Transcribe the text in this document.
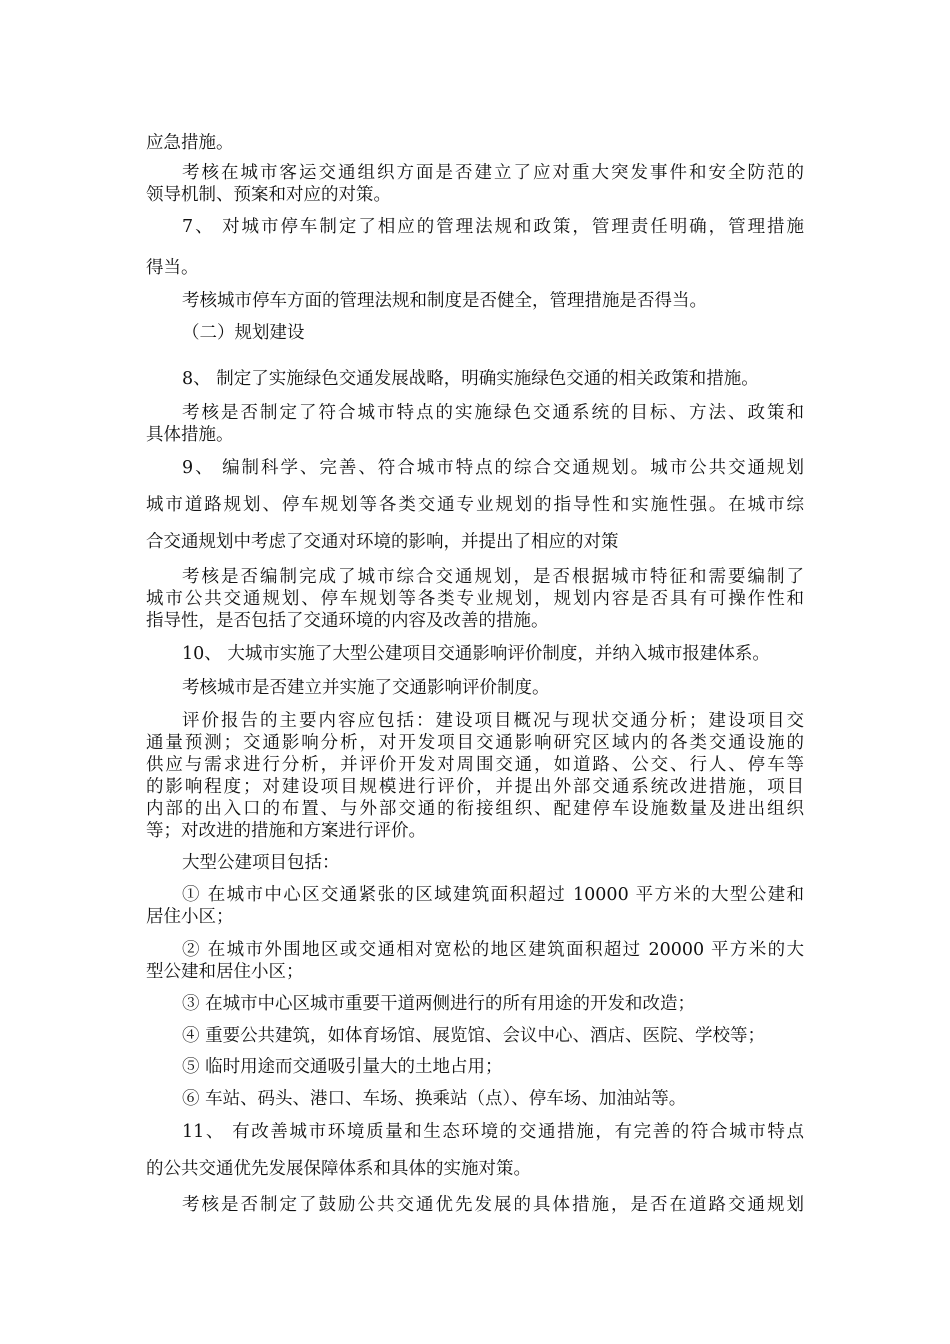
应急措施。
考核在城市客运交通组织方面是否建立了应对重大突发事件和安全防范的
领导机制、预案和对应的对策。
7、 对城市停车制定了相应的管理法规和政策，管理责任明确，管理措施
得当。
考核城市停车方面的管理法规和制度是否健全，管理措施是否得当。
（二）规划建设
8、 制定了实施绿色交通发展战略，明确实施绿色交通的相关政策和措施。
考核是否制定了符合城市特点的实施绿色交通系统的目标、方法、政策和
具体措施。
9、 编制科学、完善、符合城市特点的综合交通规划。城市公共交通规划
城市道路规划、停车规划等各类交通专业规划的指导性和实施性强。在城市综
合交通规划中考虑了交通对环境的影响，并提出了相应的对策
考核是否编制完成了城市综合交通规划，是否根据城市特征和需要编制了
城市公共交通规划、停车规划等各类专业规划，规划内容是否具有可操作性和
指导性，是否包括了交通环境的内容及改善的措施。
10、 大城市实施了大型公建项目交通影响评价制度，并纳入城市报建体系。
考核城市是否建立并实施了交通影响评价制度。
评价报告的主要内容应包括：建设项目概况与现状交通分析；建设项目交
通量预测；交通影响分析，对开发项目交通影响研究区域内的各类交通设施的
供应与需求进行分析，并评价开发对周围交通，如道路、公交、行人、停车等
的影响程度；对建设项目规模进行评价，并提出外部交通系统改进措施，项目
内部的出入口的布置、与外部交通的衔接组织、配建停车设施数量及进出组织
等；对改进的措施和方案进行评价。
大型公建项目包括：
① 在城市中心区交通紧张的区域建筑面积超过 10000 平方米的大型公建和
居住小区；
② 在城市外围地区或交通相对宽松的地区建筑面积超过 20000 平方米的大
型公建和居住小区；
③ 在城市中心区城市重要干道两侧进行的所有用途的开发和改造；
④ 重要公共建筑，如体育场馆、展览馆、会议中心、酒店、医院、学校等；
⑤ 临时用途而交通吸引量大的土地占用；
⑥ 车站、码头、港口、车场、换乘站（点）、停车场、加油站等。
11、 有改善城市环境质量和生态环境的交通措施，有完善的符合城市特点
的公共交通优先发展保障体系和具体的实施对策。
考核是否制定了鼓励公共交通优先发展的具体措施，是否在道路交通规划
